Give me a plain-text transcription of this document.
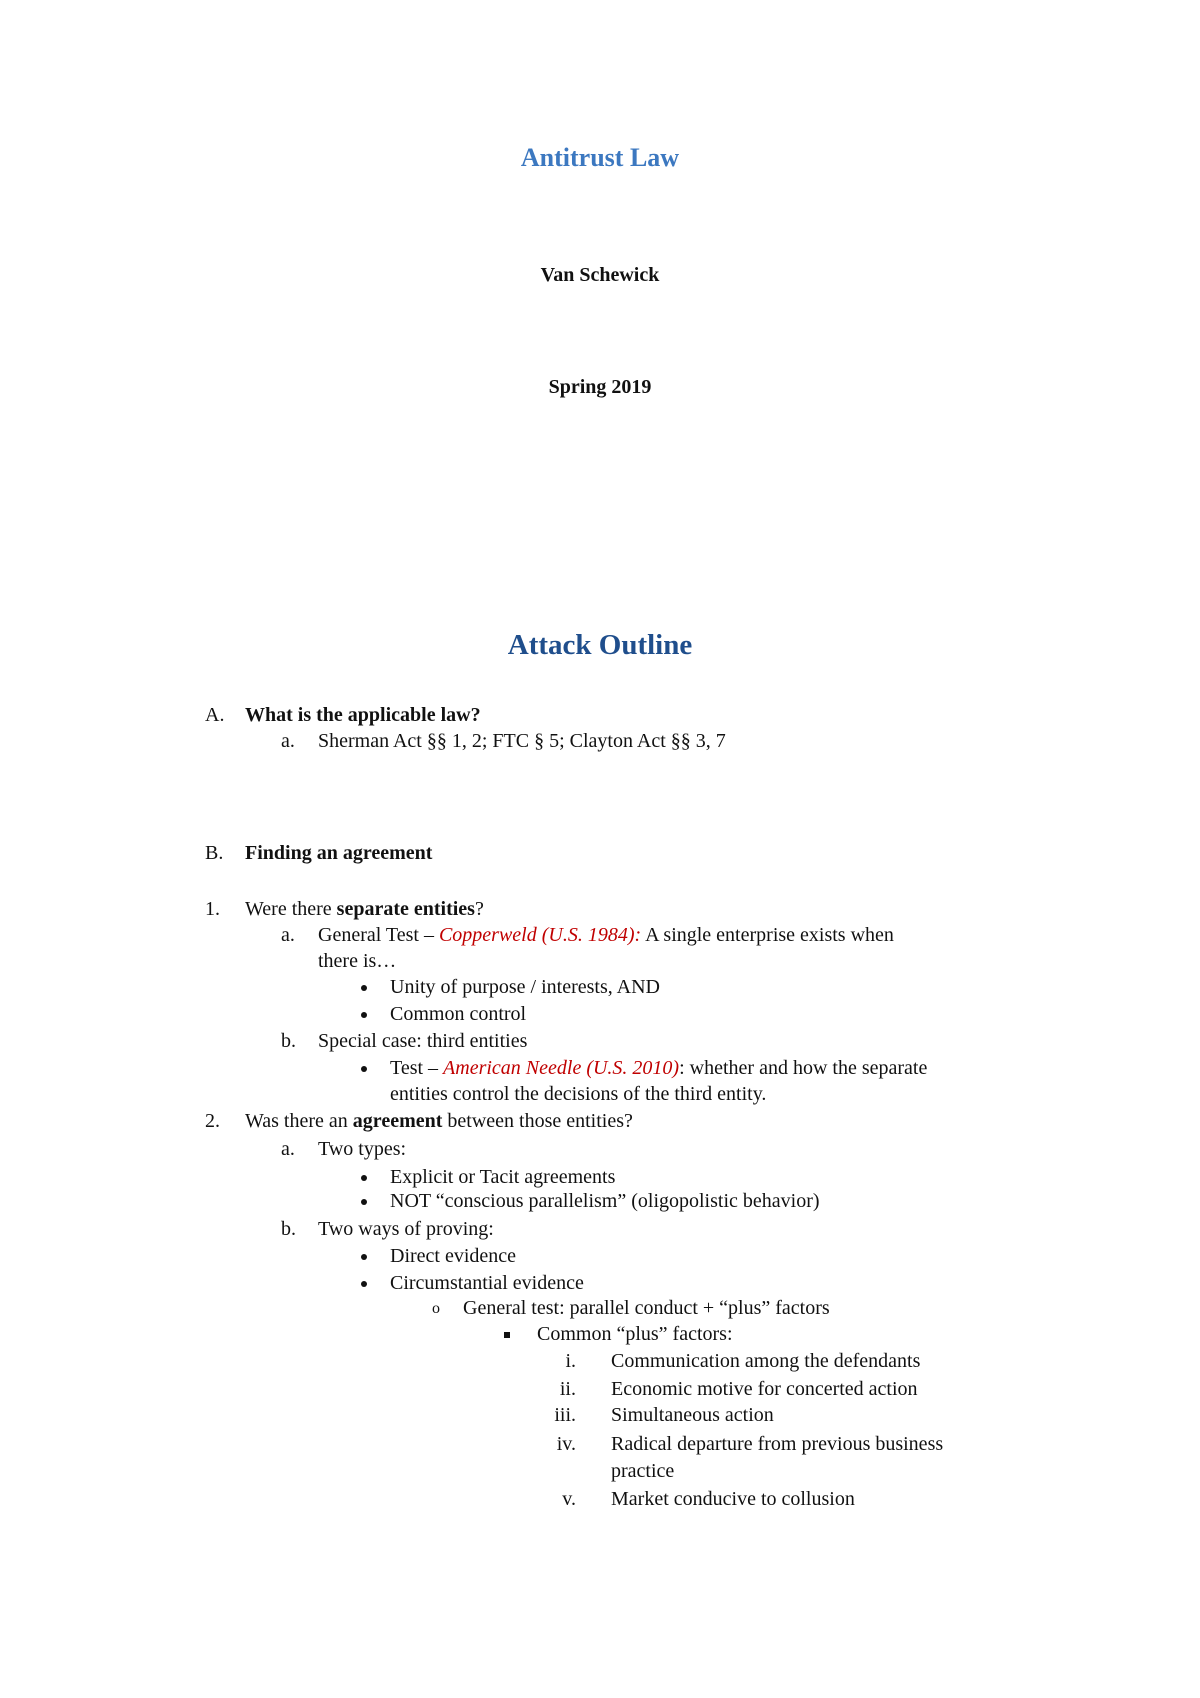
Antitrust Law
Van Schewick
Spring 2019
Attack Outline
A. What is the applicable law?
a. Sherman Act §§ 1, 2; FTC § 5; Clayton Act §§ 3, 7
B. Finding an agreement
1. Were there separate entities?
a. General Test – Copperweld (U.S. 1984): A single enterprise exists when
there is…
Unity of purpose / interests, AND
Common control
b. Special case: third entities
Test – American Needle (U.S. 2010): whether and how the separate
entities control the decisions of the third entity.
2. Was there an agreement between those entities?
a. Two types:
Explicit or Tacit agreements
NOT “conscious parallelism” (oligopolistic behavior)
b. Two ways of proving:
Direct evidence
Circumstantial evidence
o General test: parallel conduct + “plus” factors
Common “plus” factors:
i. Communication among the defendants
ii. Economic motive for concerted action
iii. Simultaneous action
iv. Radical departure from previous business
practice
v. Market conducive to collusion
